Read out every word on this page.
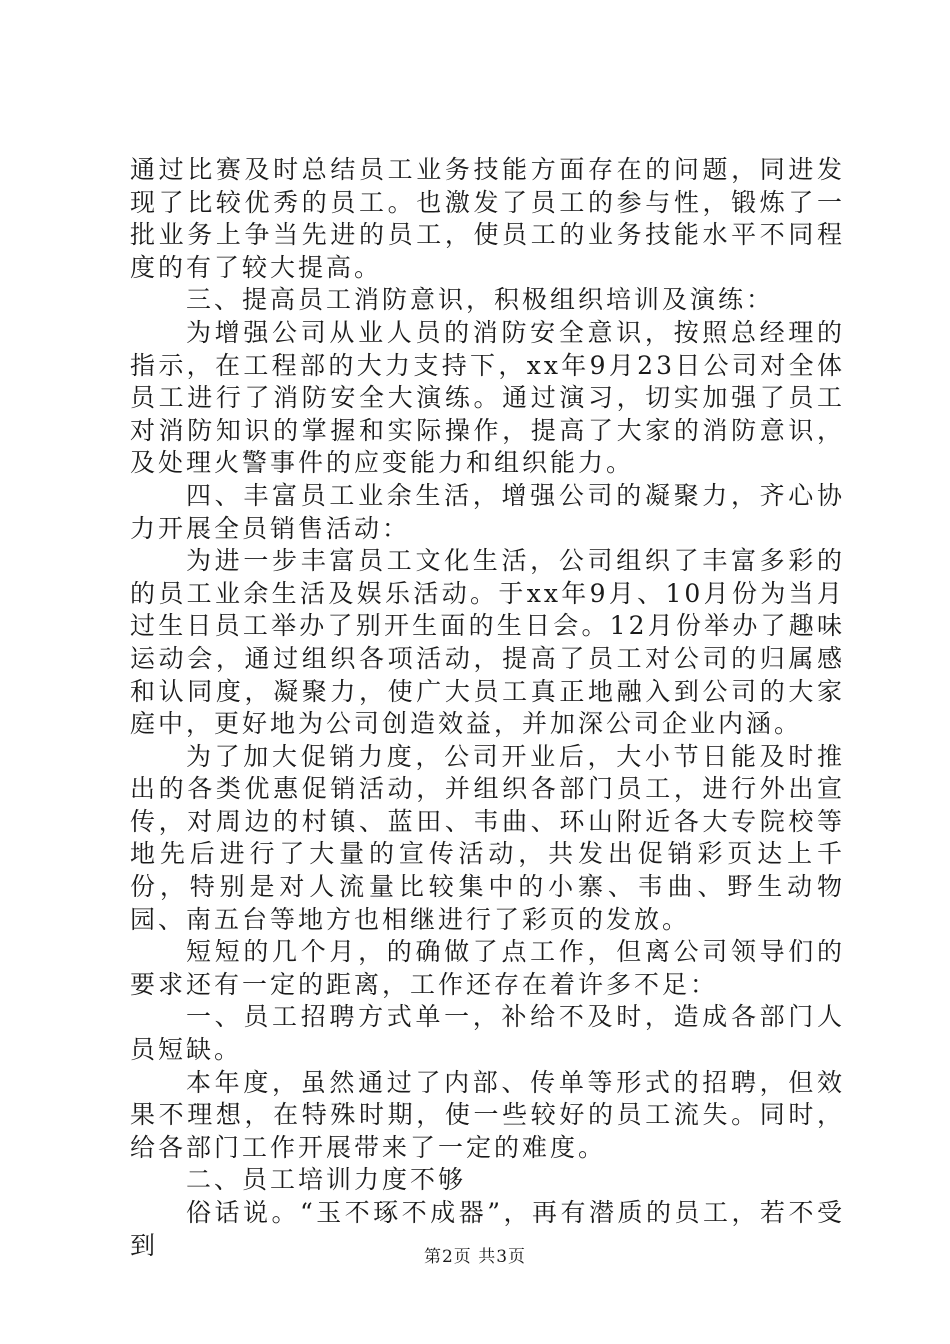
通过比赛及时总结员工业务技能方面存在的问题，同进发现了比较优秀的员工。也激发了员工的参与性，锻炼了一批业务上争当先进的员工，使员工的业务技能水平不同程度的有了较大提高。

三、提高员工消防意识，积极组织培训及演练：

为增强公司从业人员的消防安全意识，按照总经理的指示，在工程部的大力支持下，xx年9月23日公司对全体员工进行了消防安全大演练。通过演习，切实加强了员工对消防知识的掌握和实际操作，提高了大家的消防意识，及处理火警事件的应变能力和组织能力。

四、丰富员工业余生活，增强公司的凝聚力，齐心协力开展全员销售活动：

为进一步丰富员工文化生活，公司组织了丰富多彩的的员工业余生活及娱乐活动。于xx年9月、10月份为当月过生日员工举办了别开生面的生日会。12月份举办了趣味运动会，通过组织各项活动，提高了员工对公司的归属感和认同度，凝聚力，使广大员工真正地融入到公司的大家庭中，更好地为公司创造效益，并加深公司企业内涵。

为了加大促销力度，公司开业后，大小节日能及时推出的各类优惠促销活动，并组织各部门员工，进行外出宣传，对周边的村镇、蓝田、韦曲、环山附近各大专院校等地先后进行了大量的宣传活动，共发出促销彩页达上千份，特别是对人流量比较集中的小寨、韦曲、野生动物园、南五台等地方也相继进行了彩页的发放。

短短的几个月，的确做了点工作，但离公司领导们的要求还有一定的距离，工作还存在着许多不足：

一、员工招聘方式单一，补给不及时，造成各部门人员短缺。

本年度，虽然通过了内部、传单等形式的招聘，但效果不理想，在特殊时期，使一些较好的员工流失。同时，给各部门工作开展带来了一定的难度。

二、员工培训力度不够

俗话说。“玉不琢不成器”，再有潜质的员工，若不受到	第2页 共3页
